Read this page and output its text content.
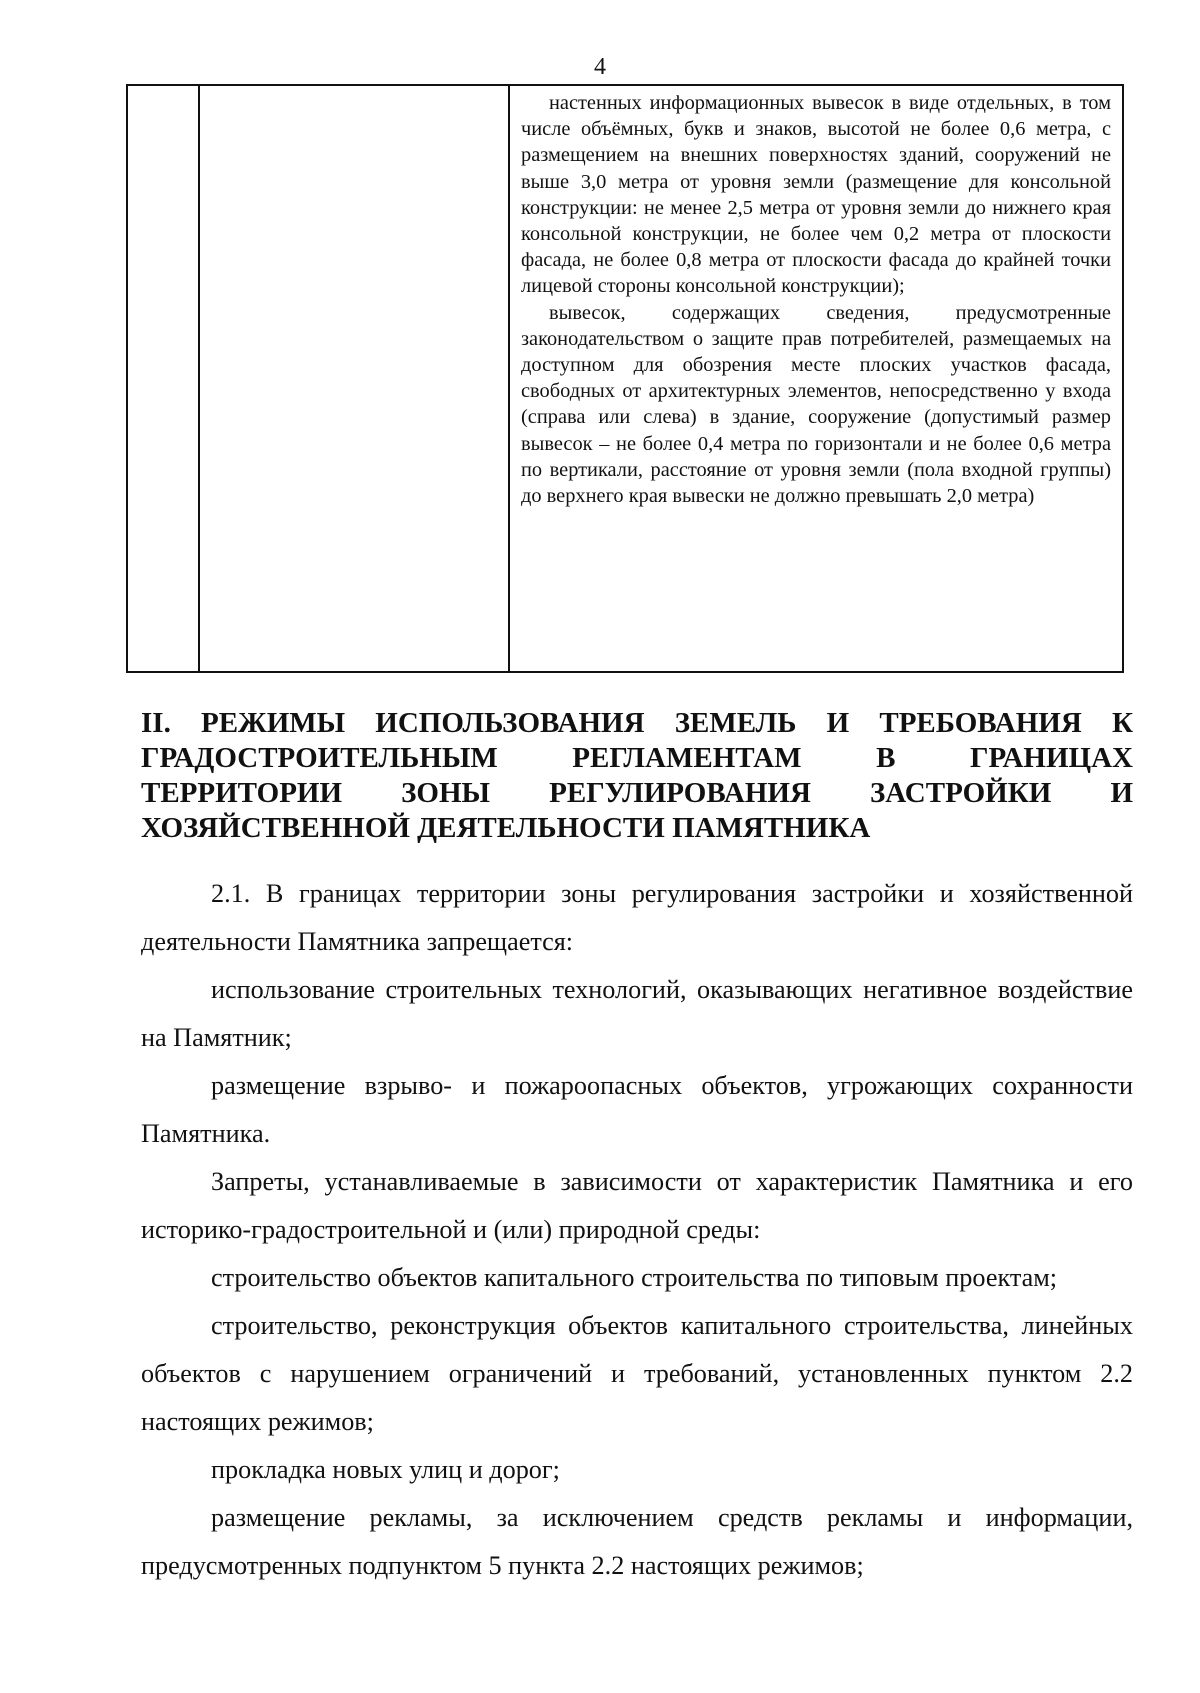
4

настенных информационных вывесок в виде отдельных, в том числе объёмных, букв и знаков, высотой не более 0,6 метра, с размещением на внешних поверхностях зданий, сооружений не выше 3,0 метра от уровня земли (размещение для консольной конструкции: не менее 2,5 метра от уровня земли до нижнего края консольной конструкции, не более чем 0,2 метра от плоскости фасада, не более 0,8 метра от плоскости фасада до крайней точки лицевой стороны консольной конструкции);

вывесок, содержащих сведения, предусмотренные законодательством о защите прав потребителей, размещаемых на доступном для обозрения месте плоских участков фасада, свободных от архитектурных элементов, непосредственно у входа (справа или слева) в здание, сооружение (допустимый размер вывесок – не более 0,4 метра по горизонтали и не более 0,6 метра по вертикали, расстояние от уровня земли (пола входной группы) до верхнего края вывески не должно превышать 2,0 метра)

II. РЕЖИМЫ ИСПОЛЬЗОВАНИЯ ЗЕМЕЛЬ И ТРЕБОВАНИЯ К ГРАДОСТРОИТЕЛЬНЫМ РЕГЛАМЕНТАМ В ГРАНИЦАХ ТЕРРИТОРИИ ЗОНЫ РЕГУЛИРОВАНИЯ ЗАСТРОЙКИ И ХОЗЯЙСТВЕННОЙ ДЕЯТЕЛЬНОСТИ ПАМЯТНИКА

2.1. В границах территории зоны регулирования застройки и хозяйственной деятельности Памятника запрещается:

использование строительных технологий, оказывающих негативное воздействие на Памятник;

размещение взрыво- и пожароопасных объектов, угрожающих сохранности Памятника.

Запреты, устанавливаемые в зависимости от характеристик Памятника и его историко-градостроительной и (или) природной среды:

строительство объектов капитального строительства по типовым проектам;

строительство, реконструкция объектов капитального строительства, линейных объектов с нарушением ограничений и требований, установленных пунктом 2.2 настоящих режимов;

прокладка новых улиц и дорог;

размещение рекламы, за исключением средств рекламы и информации, предусмотренных подпунктом 5 пункта 2.2 настоящих режимов;
